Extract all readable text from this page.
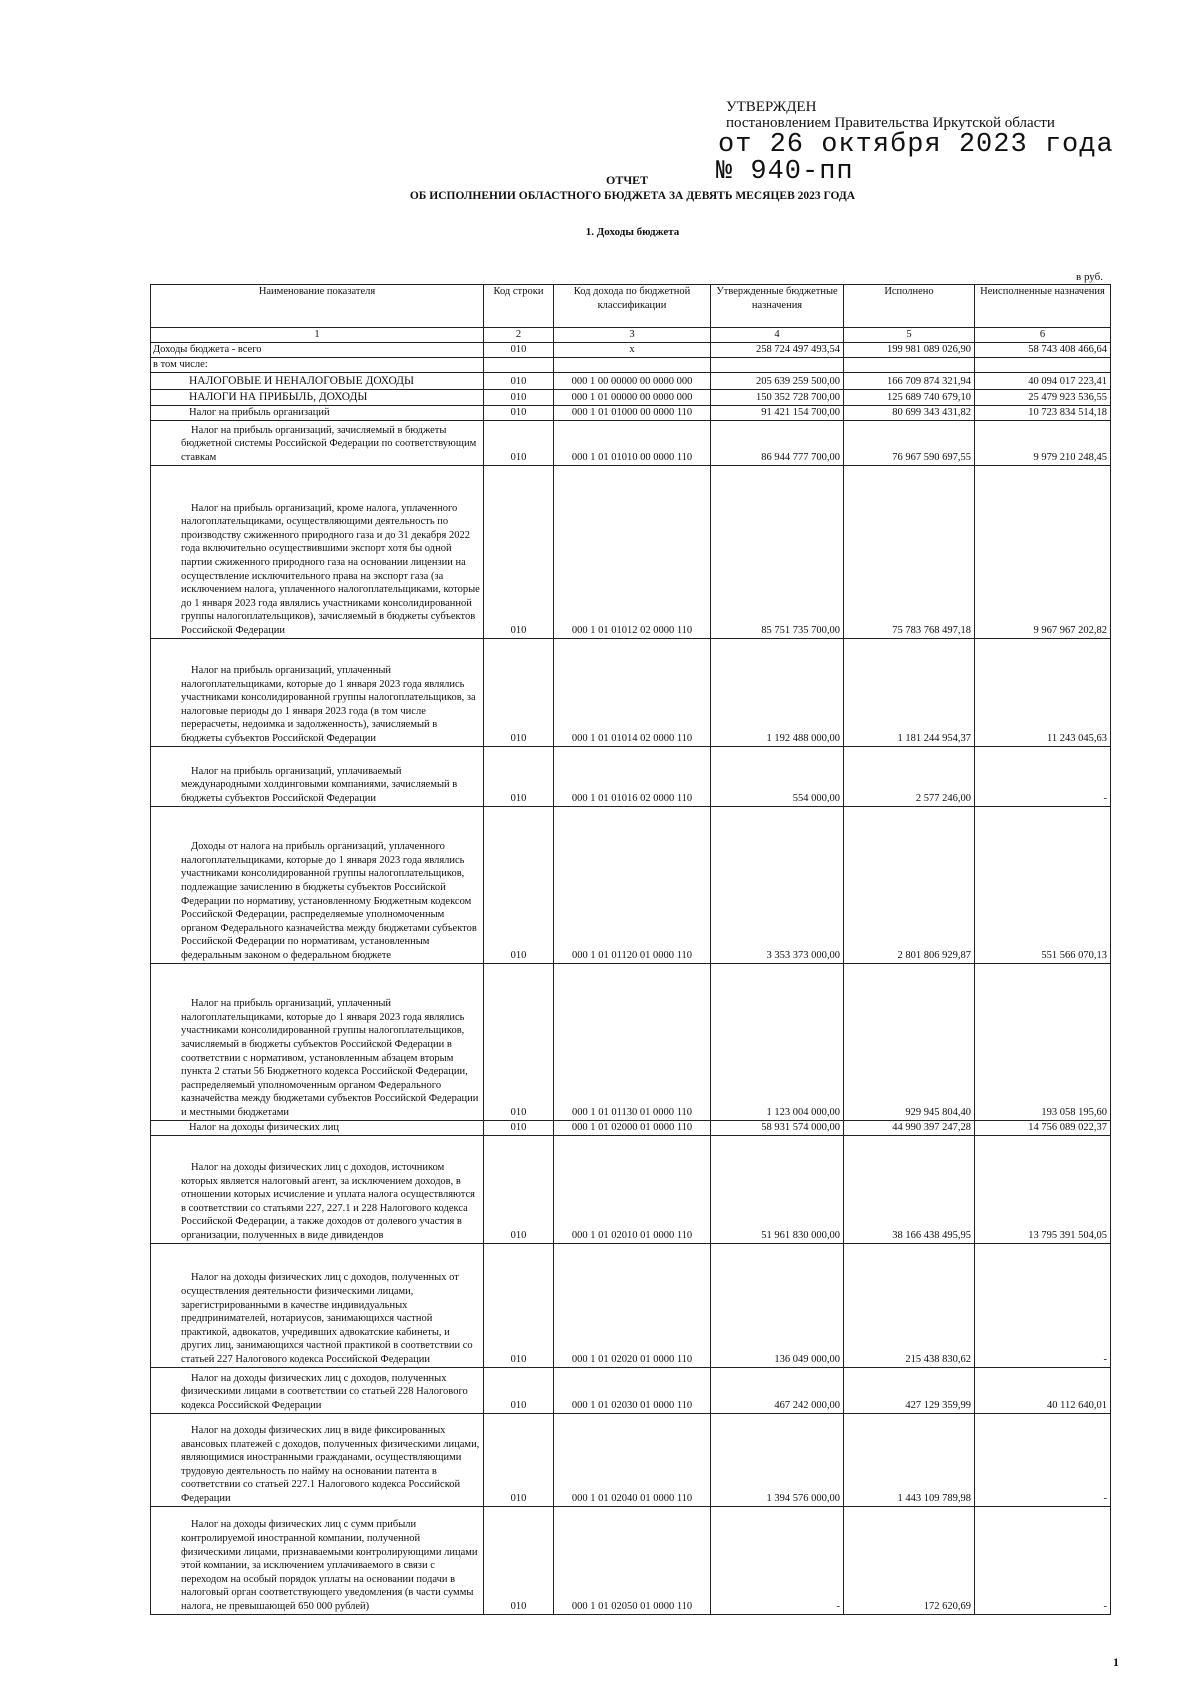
УТВЕРЖДЕН
постановлением Правительства Иркутской области
от 26 октября 2023 года
№ 940-пп
ОТЧЕТ
ОБ ИСПОЛНЕНИИ ОБЛАСТНОГО БЮДЖЕТА ЗА ДЕВЯТЬ МЕСЯЦЕВ 2023 ГОДА
1. Доходы бюджета
в руб.
Наименование показателя	Код строки	Код дохода по бюджетной классификации	Утвержденные бюджетные назначения	Исполнено	Неисполненные назначения
1	2	3	4	5	6
Доходы бюджета - всего	010	x	258 724 497 493,54	199 981 089 026,90	58 743 408 466,64
в том числе:					
НАЛОГОВЫЕ И НЕНАЛОГОВЫЕ ДОХОДЫ	010	000 1 00 00000 00 0000 000	205 639 259 500,00	166 709 874 321,94	40 094 017 223,41
НАЛОГИ НА ПРИБЫЛЬ, ДОХОДЫ	010	000 1 01 00000 00 0000 000	150 352 728 700,00	125 689 740 679,10	25 479 923 536,55
Налог на прибыль организаций	010	000 1 01 01000 00 0000 110	91 421 154 700,00	80 699 343 431,82	10 723 834 514,18
Налог на прибыль организаций, зачисляемый в бюджеты бюджетной системы Российской Федерации по соответствующим ставкам	010	000 1 01 01010 00 0000 110	86 944 777 700,00	76 967 590 697,55	9 979 210 248,45
Налог на прибыль организаций, кроме налога, уплаченного налогоплательщиками, осуществляющими деятельность по производству сжиженного природного газа и до 31 декабря 2022 года включительно осуществившими экспорт хотя бы одной партии сжиженного природного газа на основании лицензии на осуществление исключительного права на экспорт газа (за исключением налога, уплаченного налогоплательщиками, которые до 1 января 2023 года являлись участниками консолидированной группы налогоплательщиков), зачисляемый в бюджеты субъектов Российской Федерации	010	000 1 01 01012 02 0000 110	85 751 735 700,00	75 783 768 497,18	9 967 967 202,82
Налог на прибыль организаций, уплаченный налогоплательщиками, которые до 1 января 2023 года являлись участниками консолидированной группы налогоплательщиков, за налоговые периоды до 1 января 2023 года (в том числе перерасчеты, недоимка и задолженность), зачисляемый в бюджеты субъектов Российской Федерации	010	000 1 01 01014 02 0000 110	1 192 488 000,00	1 181 244 954,37	11 243 045,63
Налог на прибыль организаций, уплачиваемый международными холдинговыми компаниями, зачисляемый в бюджеты субъектов Российской Федерации	010	000 1 01 01016 02 0000 110	554 000,00	2 577 246,00	-
Доходы от налога на прибыль организаций, уплаченного налогоплательщиками, которые до 1 января 2023 года являлись участниками консолидированной группы налогоплательщиков, подлежащие зачислению в бюджеты субъектов Российской Федерации по нормативу, установленному Бюджетным кодексом Российской Федерации, распределяемые уполномоченным органом Федерального казначейства между бюджетами субъектов Российской Федерации по нормативам, установленным федеральным законом о федеральном бюджете	010	000 1 01 01120 01 0000 110	3 353 373 000,00	2 801 806 929,87	551 566 070,13
Налог на прибыль организаций, уплаченный налогоплательщиками, которые до 1 января 2023 года являлись участниками консолидированной группы налогоплательщиков, зачисляемый в бюджеты субъектов Российской Федерации в соответствии с нормативом, установленным абзацем вторым пункта 2 статьи 56 Бюджетного кодекса Российской Федерации, распределяемый уполномоченным органом Федерального казначейства между бюджетами субъектов Российской Федерации и местными бюджетами	010	000 1 01 01130 01 0000 110	1 123 004 000,00	929 945 804,40	193 058 195,60
Налог на доходы физических лиц	010	000 1 01 02000 01 0000 110	58 931 574 000,00	44 990 397 247,28	14 756 089 022,37
Налог на доходы физических лиц с доходов, источником которых является налоговый агент, за исключением доходов, в отношении которых исчисление и уплата налога осуществляются в соответствии со статьями 227, 227.1 и 228 Налогового кодекса Российской Федерации, а также доходов от долевого участия в организации, полученных в виде дивидендов	010	000 1 01 02010 01 0000 110	51 961 830 000,00	38 166 438 495,95	13 795 391 504,05
Налог на доходы физических лиц с доходов, полученных от осуществления деятельности физическими лицами, зарегистрированными в качестве индивидуальных предпринимателей, нотариусов, занимающихся частной практикой, адвокатов, учредивших адвокатские кабинеты, и других лиц, занимающихся частной практикой в соответствии со статьей 227 Налогового кодекса Российской Федерации	010	000 1 01 02020 01 0000 110	136 049 000,00	215 438 830,62	-
Налог на доходы физических лиц с доходов, полученных физическими лицами в соответствии со статьей 228 Налогового кодекса Российской Федерации	010	000 1 01 02030 01 0000 110	467 242 000,00	427 129 359,99	40 112 640,01
Налог на доходы физических лиц в виде фиксированных авансовых платежей с доходов, полученных физическими лицами, являющимися иностранными гражданами, осуществляющими трудовую деятельность по найму на основании патента в соответствии со статьей 227.1 Налогового кодекса Российской Федерации	010	000 1 01 02040 01 0000 110	1 394 576 000,00	1 443 109 789,98	-
Налог на доходы физических лиц с сумм прибыли контролируемой иностранной компании, полученной физическими лицами, признаваемыми контролирующими лицами этой компании, за исключением уплачиваемого в связи с переходом на особый порядок уплаты на основании подачи в налоговый орган соответствующего уведомления (в части суммы налога, не превышающей 650 000 рублей)	010	000 1 01 02050 01 0000 110	-	172 620,69	-
1
